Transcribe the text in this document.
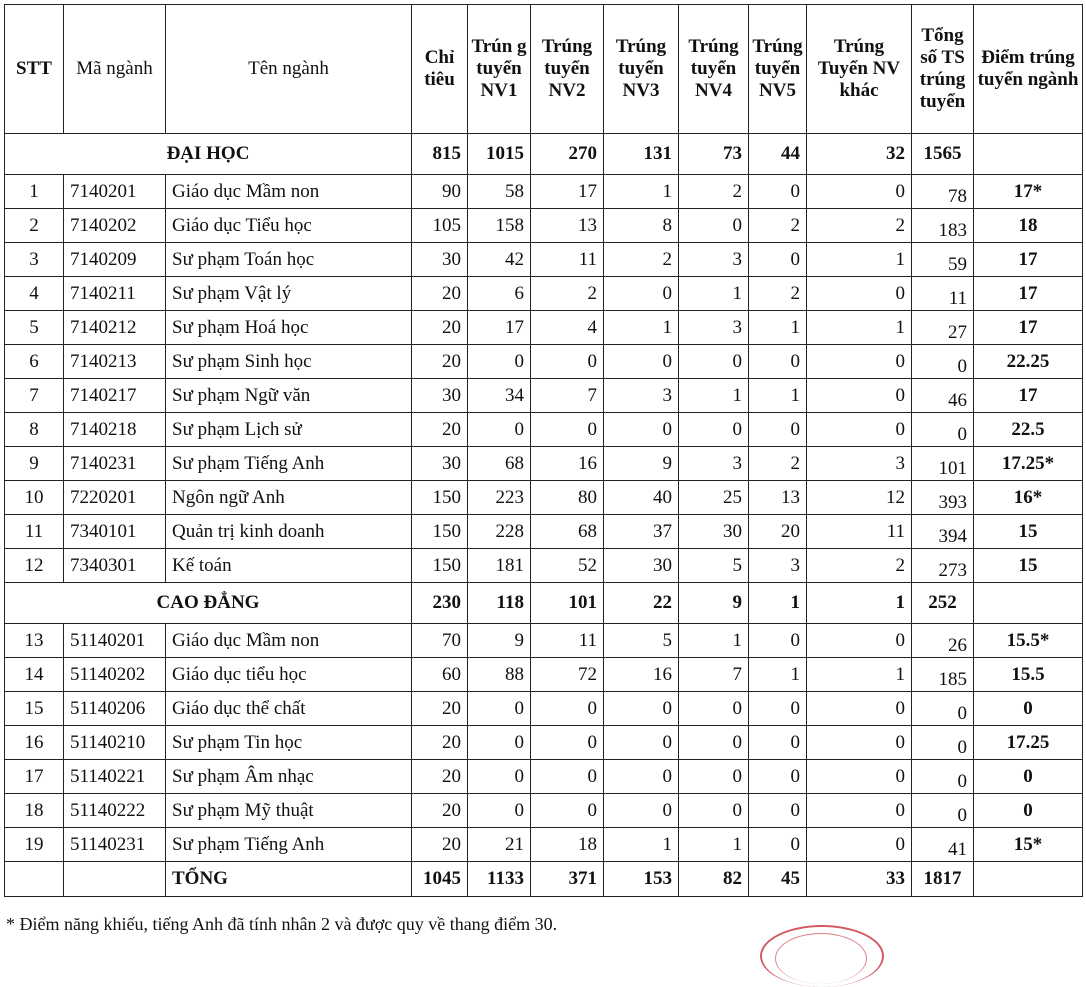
STT	Mã ngành	Tên ngành	Chỉ tiêu	Trún g tuyển NV1	Trúng tuyển NV2	Trúng tuyển NV3	Trúng tuyển NV4	Trúng tuyển NV5	Trúng Tuyển NV khác	Tổng số TS trúng tuyển	Điểm trúng tuyển ngành
ĐẠI HỌC			815	1015	270	131	73	44	32	1565	
1	7140201	Giáo dục Mầm non	90	58	17	1	2	0	0	78	17*
2	7140202	Giáo dục Tiểu học	105	158	13	8	0	2	2	183	18
3	7140209	Sư phạm Toán học	30	42	11	2	3	0	1	59	17
4	7140211	Sư phạm Vật lý	20	6	2	0	1	2	0	11	17
5	7140212	Sư phạm Hoá học	20	17	4	1	3	1	1	27	17
6	7140213	Sư phạm Sinh học	20	0	0	0	0	0	0	0	22.25
7	7140217	Sư phạm Ngữ văn	30	34	7	3	1	1	0	46	17
8	7140218	Sư phạm Lịch sử	20	0	0	0	0	0	0	0	22.5
9	7140231	Sư phạm Tiếng Anh	30	68	16	9	3	2	3	101	17.25*
10	7220201	Ngôn ngữ Anh	150	223	80	40	25	13	12	393	16*
11	7340101	Quản trị kinh doanh	150	228	68	37	30	20	11	394	15
12	7340301	Kế toán	150	181	52	30	5	3	2	273	15
CAO ĐẲNG			230	118	101	22	9	1	1	252	
13	51140201	Giáo dục Mầm non	70	9	11	5	1	0	0	26	15.5*
14	51140202	Giáo dục tiểu học	60	88	72	16	7	1	1	185	15.5
15	51140206	Giáo dục thể chất	20	0	0	0	0	0	0	0	0
16	51140210	Sư phạm Tin học	20	0	0	0	0	0	0	0	17.25
17	51140221	Sư phạm Âm nhạc	20	0	0	0	0	0	0	0	0
18	51140222	Sư phạm Mỹ thuật	20	0	0	0	0	0	0	0	0
19	51140231	Sư phạm Tiếng Anh	20	21	18	1	1	0	0	41	15*
		TỔNG	1045	1133	371	153	82	45	33	1817	
* Điểm năng khiếu, tiếng Anh đã tính nhân 2 và được quy về thang điểm 30.
